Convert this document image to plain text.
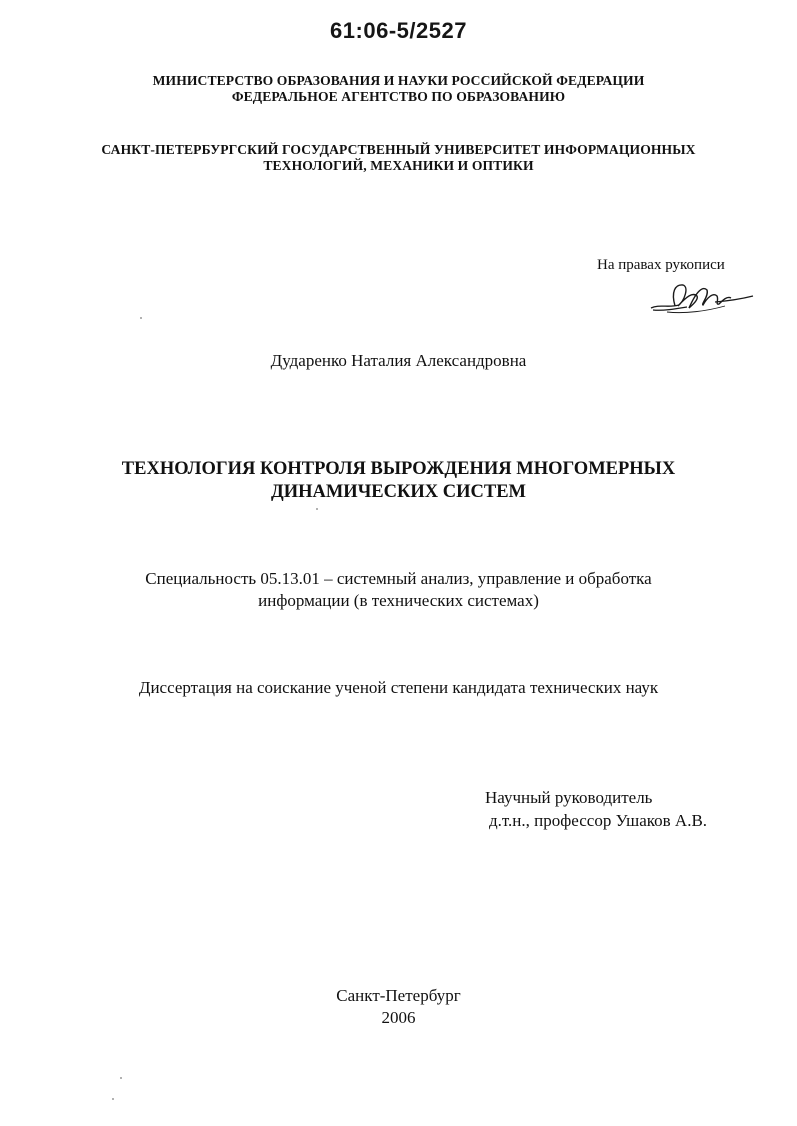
61:06-5/2527
МИНИСТЕРСТВО ОБРАЗОВАНИЯ И НАУКИ РОССИЙСКОЙ ФЕДЕРАЦИИ
ФЕДЕРАЛЬНОЕ АГЕНТСТВО ПО ОБРАЗОВАНИЮ
САНКТ-ПЕТЕРБУРГСКИЙ ГОСУДАРСТВЕННЫЙ УНИВЕРСИТЕТ ИНФОРМАЦИОННЫХ
ТЕХНОЛОГИЙ, МЕХАНИКИ И ОПТИКИ
На правах рукописи
Дударенко Наталия Александровна
ТЕХНОЛОГИЯ КОНТРОЛЯ ВЫРОЖДЕНИЯ МНОГОМЕРНЫХ
ДИНАМИЧЕСКИХ СИСТЕМ
Специальность 05.13.01 – системный анализ, управление и обработка
информации (в технических системах)
Диссертация на соискание ученой степени кандидата технических наук
Научный руководитель
д.т.н., профессор Ушаков А.В.
Санкт-Петербург
2006
